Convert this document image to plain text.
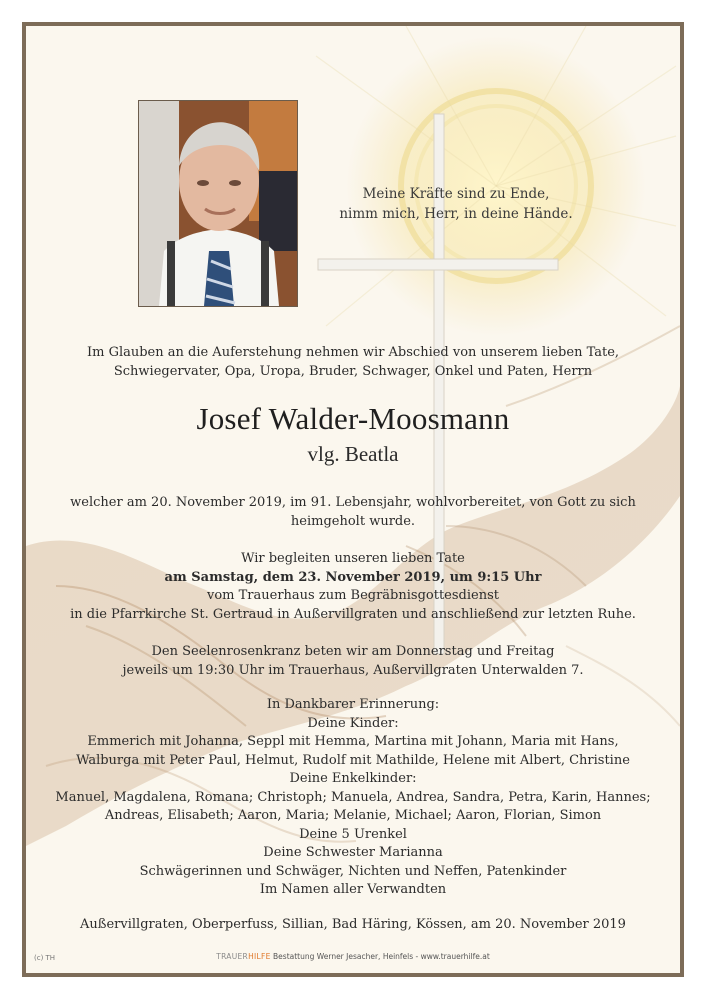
Meine Kräfte sind zu Ende,
nimm mich, Herr, in deine Hände.
Im Glauben an die Auferstehung nehmen wir Abschied von unserem lieben Tate,
Schwiegervater, Opa, Uropa, Bruder, Schwager, Onkel und Paten, Herrn
Josef Walder-Moosmann
vlg. Beatla
welcher am 20. November 2019, im 91. Lebensjahr, wohlvorbereitet, von Gott zu sich
heimgeholt wurde.
Wir begleiten unseren lieben Tate
am Samstag, dem 23. November 2019, um 9:15 Uhr
vom Trauerhaus zum Begräbnisgottesdienst
in die Pfarrkirche St. Gertraud in Außervillgraten und anschließend zur letzten Ruhe.
Den Seelenrosenkranz beten wir am Donnerstag und Freitag
jeweils um 19:30 Uhr im Trauerhaus, Außervillgraten Unterwalden 7.
In Dankbarer Erinnerung:
Deine Kinder:
Emmerich mit Johanna, Seppl mit Hemma, Martina mit Johann, Maria mit Hans,
Walburga mit Peter Paul, Helmut, Rudolf mit Mathilde, Helene mit Albert, Christine
Deine Enkelkinder:
Manuel, Magdalena, Romana; Christoph; Manuela, Andrea, Sandra, Petra, Karin, Hannes;
Andreas, Elisabeth; Aaron, Maria; Melanie, Michael; Aaron, Florian, Simon
Deine 5 Urenkel
Deine Schwester Marianna
Schwägerinnen und Schwäger, Nichten und Neffen, Patenkinder
Im Namen aller Verwandten
Außervillgraten, Oberperfuss, Sillian, Bad Häring, Kössen, am 20. November 2019
(c) TH	TRAUERHILFE Bestattung Werner Jesacher, Heinfels - www.trauerhilfe.at
